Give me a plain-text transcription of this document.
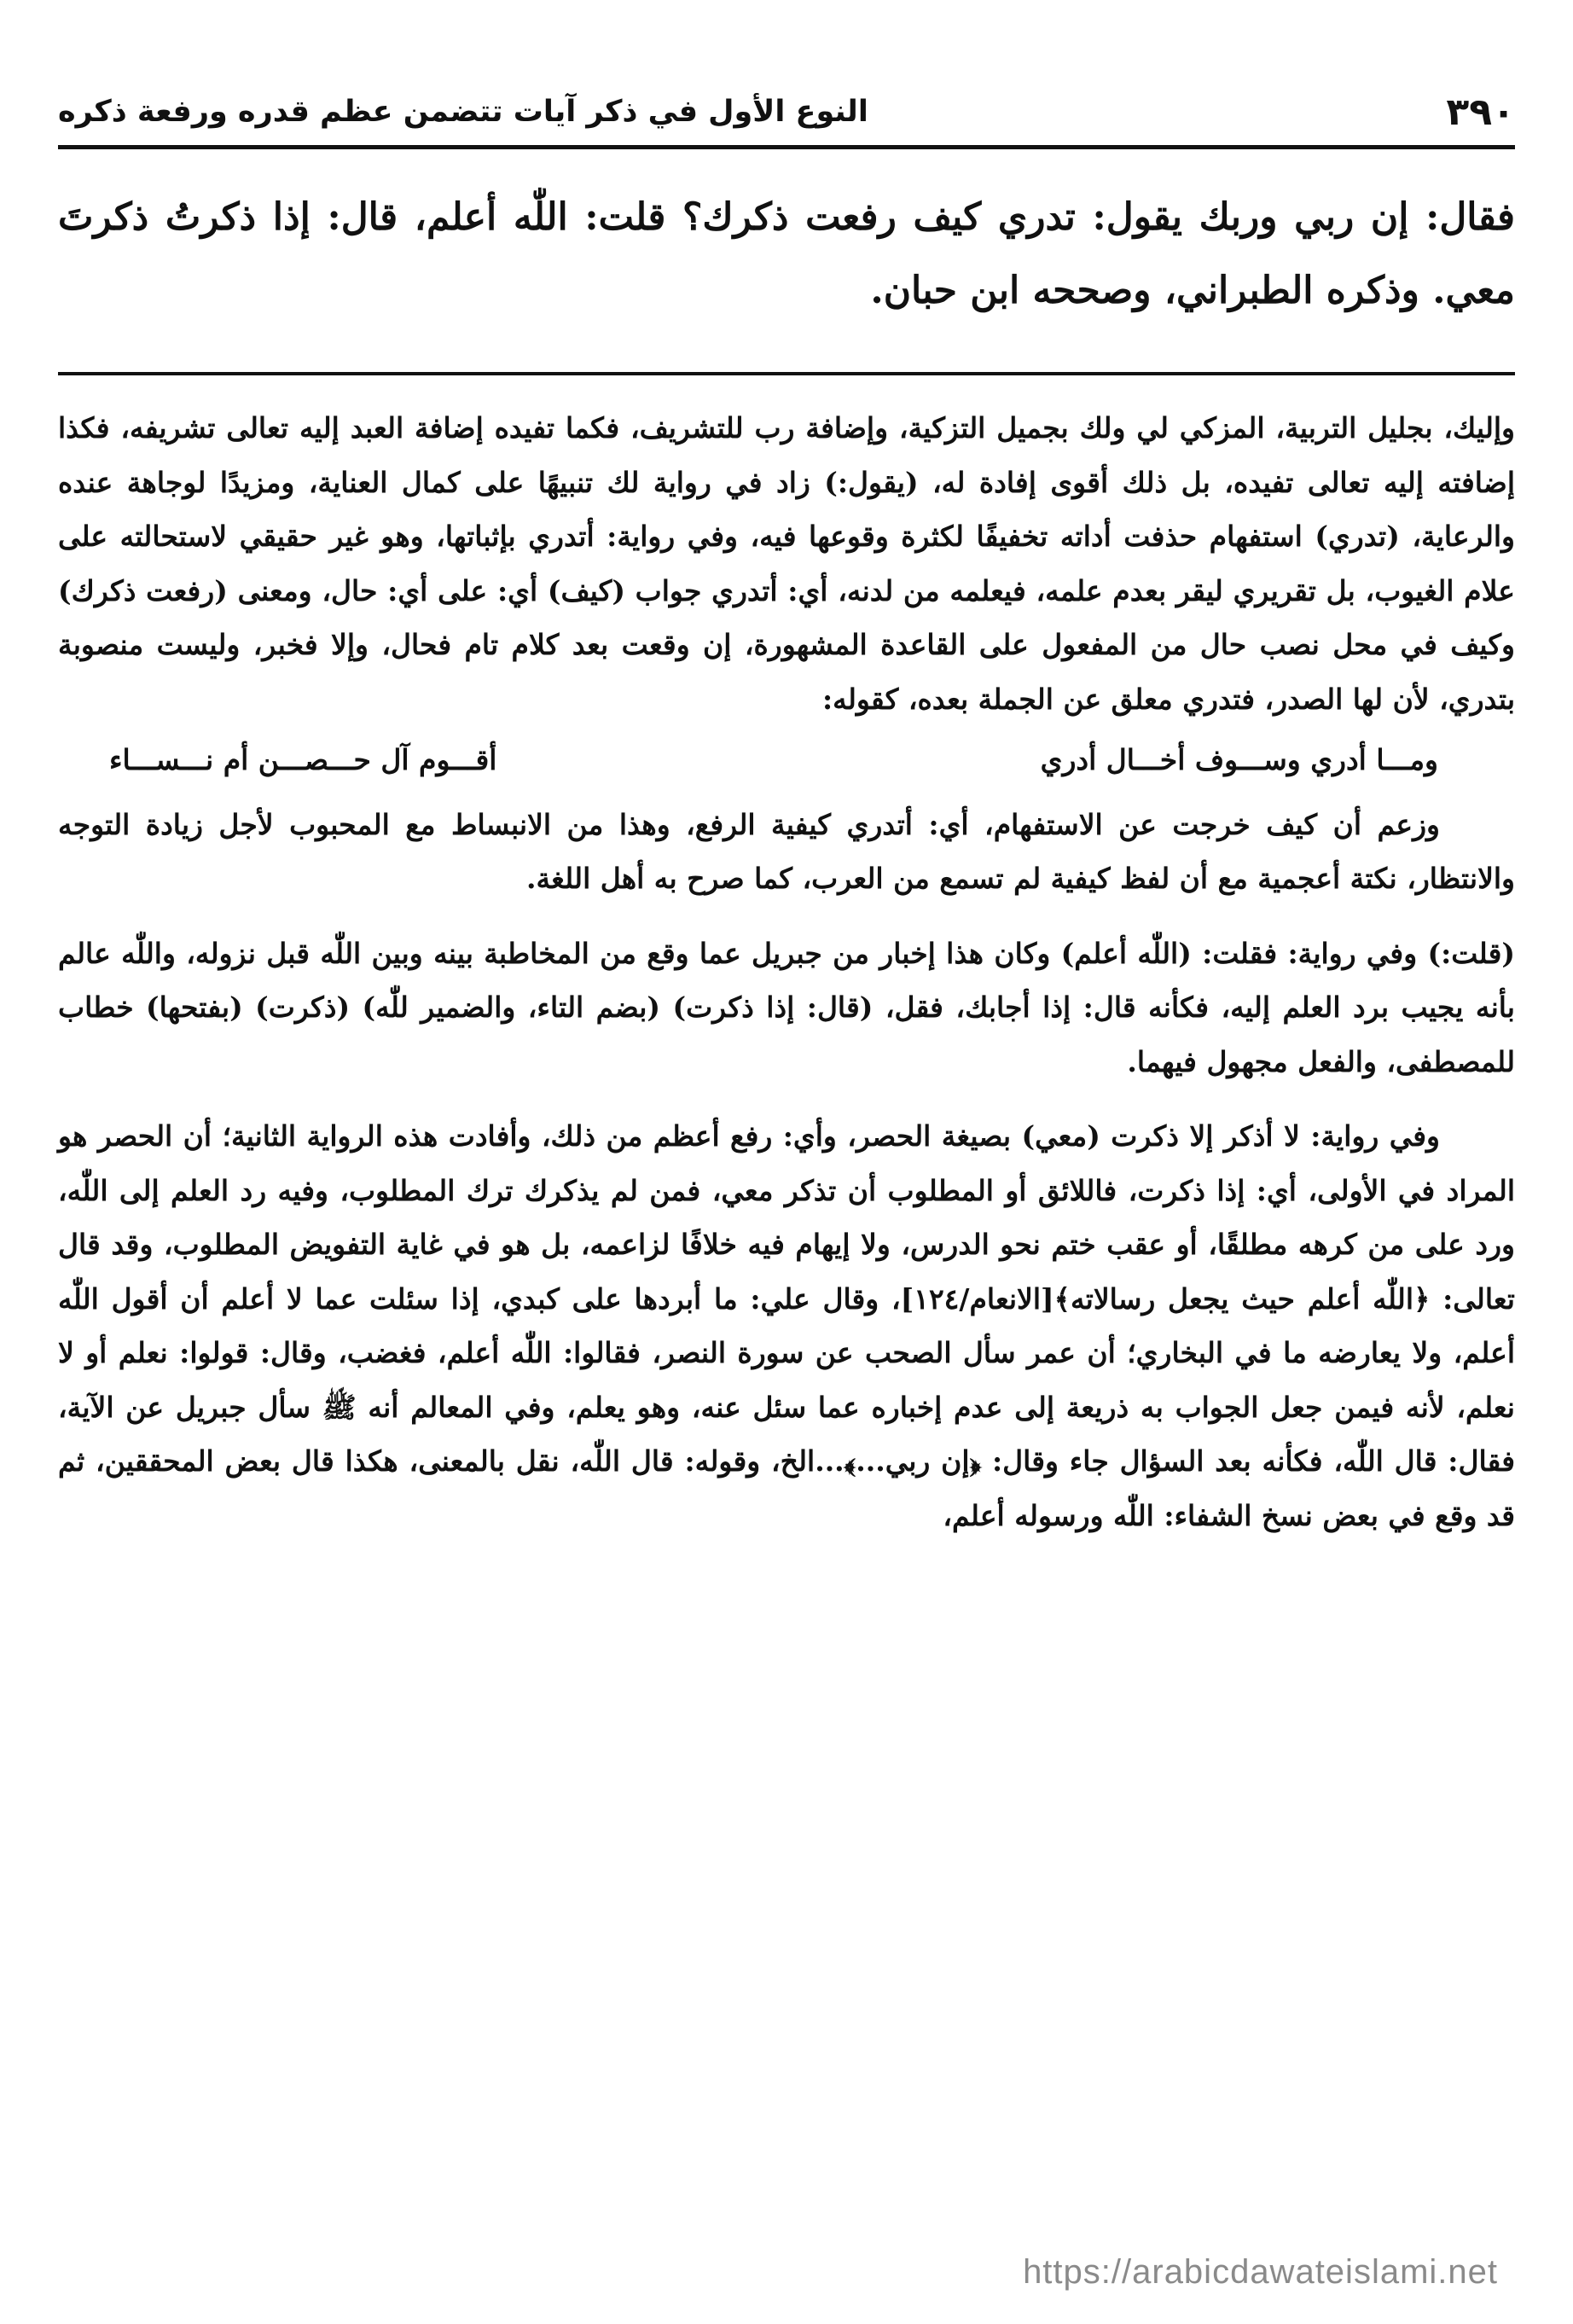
٣٩٠
النوع الأول في ذكر آيات تتضمن عظم قدره ورفعة ذكره

فقال: إن ربي وربك يقول: تدري كيف رفعت ذكرك؟ قلت: اللّٰه أعلم، قال: إذا ذكرتُ ذكرتَ معي. وذكره الطبراني، وصححه ابن حبان.

وإليك، بجليل التربية، المزكي لي ولك بجميل التزكية، وإضافة رب للتشريف، فكما تفيده إضافة العبد إليه تعالى تشريفه، فكذا إضافته إليه تعالى تفيده، بل ذلك أقوى إفادة له، (يقول:) زاد في رواية لك تنبيهًا على كمال العناية، ومزيدًا لوجاهة عنده والرعاية، (تدري) استفهام حذفت أداته تخفيفًا لكثرة وقوعها فيه، وفي رواية: أتدري بإثباتها، وهو غير حقيقي لاستحالته على علام الغيوب، بل تقريري ليقر بعدم علمه، فيعلمه من لدنه، أي: أتدري جواب (كيف) أي: على أي: حال، ومعنى (رفعت ذكرك) وكيف في محل نصب حال من المفعول على القاعدة المشهورة، إن وقعت بعد كلام تام فحال، وإلا فخبر، وليست منصوبة بتدري، لأن لها الصدر، فتدري معلق عن الجملة بعده، كقوله:

ومـــا أدري وســـوف أخـــال أدري
أقـــوم آل حـــصـــن أم نـــســـاء

وزعم أن كيف خرجت عن الاستفهام، أي: أتدري كيفية الرفع، وهذا من الانبساط مع المحبوب لأجل زيادة التوجه والانتظار، نكتة أعجمية مع أن لفظ كيفية لم تسمع من العرب، كما صرح به أهل اللغة.

(قلت:) وفي رواية: فقلت: (اللّٰه أعلم) وكان هذا إخبار من جبريل عما وقع من المخاطبة بينه وبين اللّٰه قبل نزوله، واللّٰه عالم بأنه يجيب برد العلم إليه، فكأنه قال: إذا أجابك، فقل، (قال: إذا ذكرت) (بضم التاء، والضمير للّٰه) (ذكرت) (بفتحها) خطاب للمصطفى، والفعل مجهول فيهما.

وفي رواية: لا أذكر إلا ذكرت (معي) بصيغة الحصر، وأي: رفع أعظم من ذلك، وأفادت هذه الرواية الثانية؛ أن الحصر هو المراد في الأولى، أي: إذا ذكرت، فاللائق أو المطلوب أن تذكر معي، فمن لم يذكرك ترك المطلوب، وفيه رد العلم إلى اللّٰه، ورد على من كرهه مطلقًا، أو عقب ختم نحو الدرس، ولا إيهام فيه خلافًا لزاعمه، بل هو في غاية التفويض المطلوب، وقد قال تعالى: ﴿اللّٰه أعلم حيث يجعل رسالاته﴾[الانعام/١٢٤]، وقال علي: ما أبردها على كبدي، إذا سئلت عما لا أعلم أن أقول اللّٰه أعلم، ولا يعارضه ما في البخاري؛ أن عمر سأل الصحب عن سورة النصر، فقالوا: اللّٰه أعلم، فغضب، وقال: قولوا: نعلم أو لا نعلم، لأنه فيمن جعل الجواب به ذريعة إلى عدم إخباره عما سئل عنه، وهو يعلم، وفي المعالم أنه ﷺ سأل جبريل عن الآية، فقال: قال اللّٰه، فكأنه بعد السؤال جاء وقال: ﴿إن ربي...﴾...الخ، وقوله: قال اللّٰه، نقل بالمعنى، هكذا قال بعض المحققين، ثم قد وقع في بعض نسخ الشفاء: اللّٰه ورسوله أعلم،

https://arabicdawateislami.net
